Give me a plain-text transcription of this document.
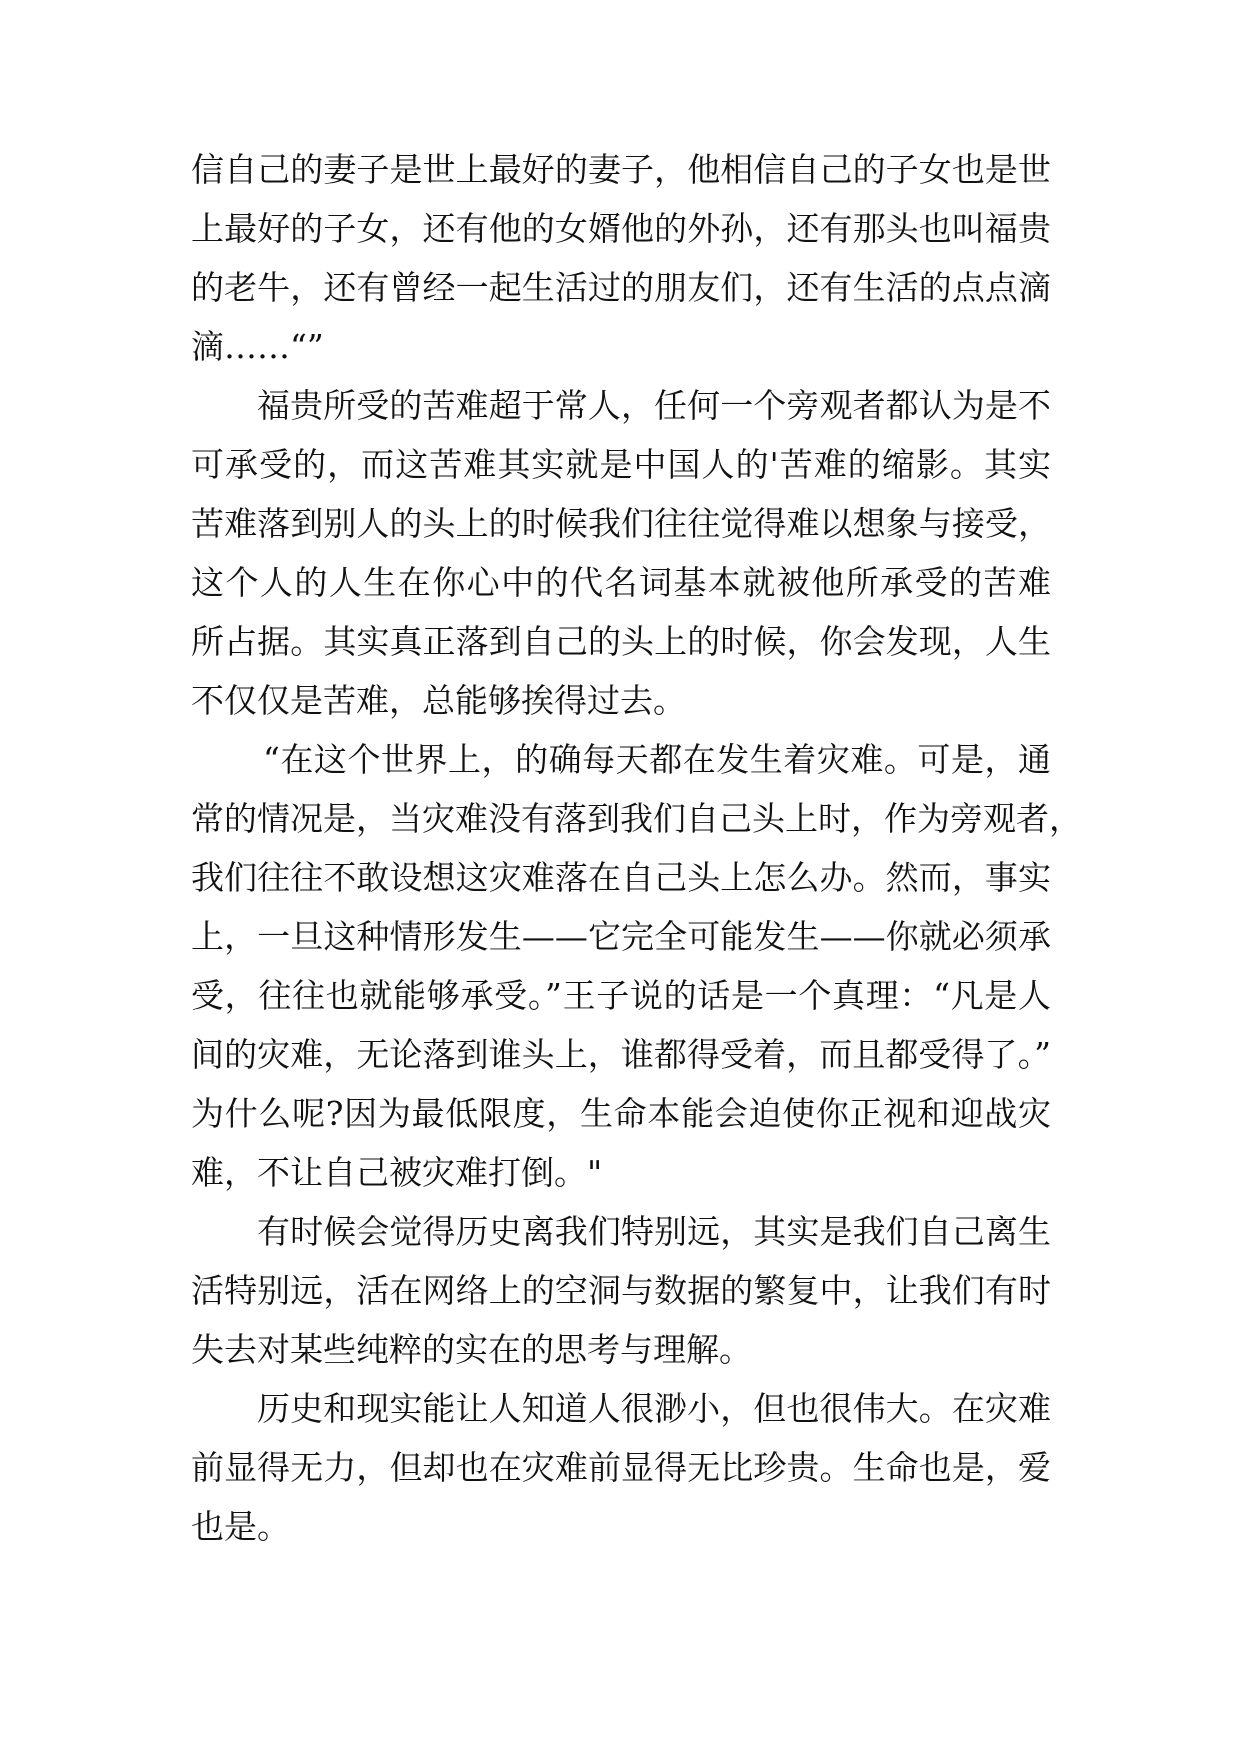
信自己的妻子是世上最好的妻子，他相信自己的子女也是世
上最好的子女，还有他的女婿他的外孙，还有那头也叫福贵
的老牛，还有曾经一起生活过的朋友们，还有生活的点点滴
滴……“”
福贵所受的苦难超于常人，任何一个旁观者都认为是不
可承受的，而这苦难其实就是中国人的'苦难的缩影。其实
苦难落到别人的头上的时候我们往往觉得难以想象与接受，
这个人的人生在你心中的代名词基本就被他所承受的苦难
所占据。其实真正落到自己的头上的时候，你会发现，人生
不仅仅是苦难，总能够挨得过去。
“在这个世界上，的确每天都在发生着灾难。可是，通
常的情况是，当灾难没有落到我们自己头上时，作为旁观者，
我们往往不敢设想这灾难落在自己头上怎么办。然而，事实
上，一旦这种情形发生——它完全可能发生——你就必须承
受，往往也就能够承受。”王子说的话是一个真理：“凡是人
间的灾难，无论落到谁头上，谁都得受着，而且都受得了。”
为什么呢?因为最低限度，生命本能会迫使你正视和迎战灾
难，不让自己被灾难打倒。"
有时候会觉得历史离我们特别远，其实是我们自己离生
活特别远，活在网络上的空洞与数据的繁复中，让我们有时
失去对某些纯粹的实在的思考与理解。
历史和现实能让人知道人很渺小，但也很伟大。在灾难
前显得无力，但却也在灾难前显得无比珍贵。生命也是，爱
也是。
